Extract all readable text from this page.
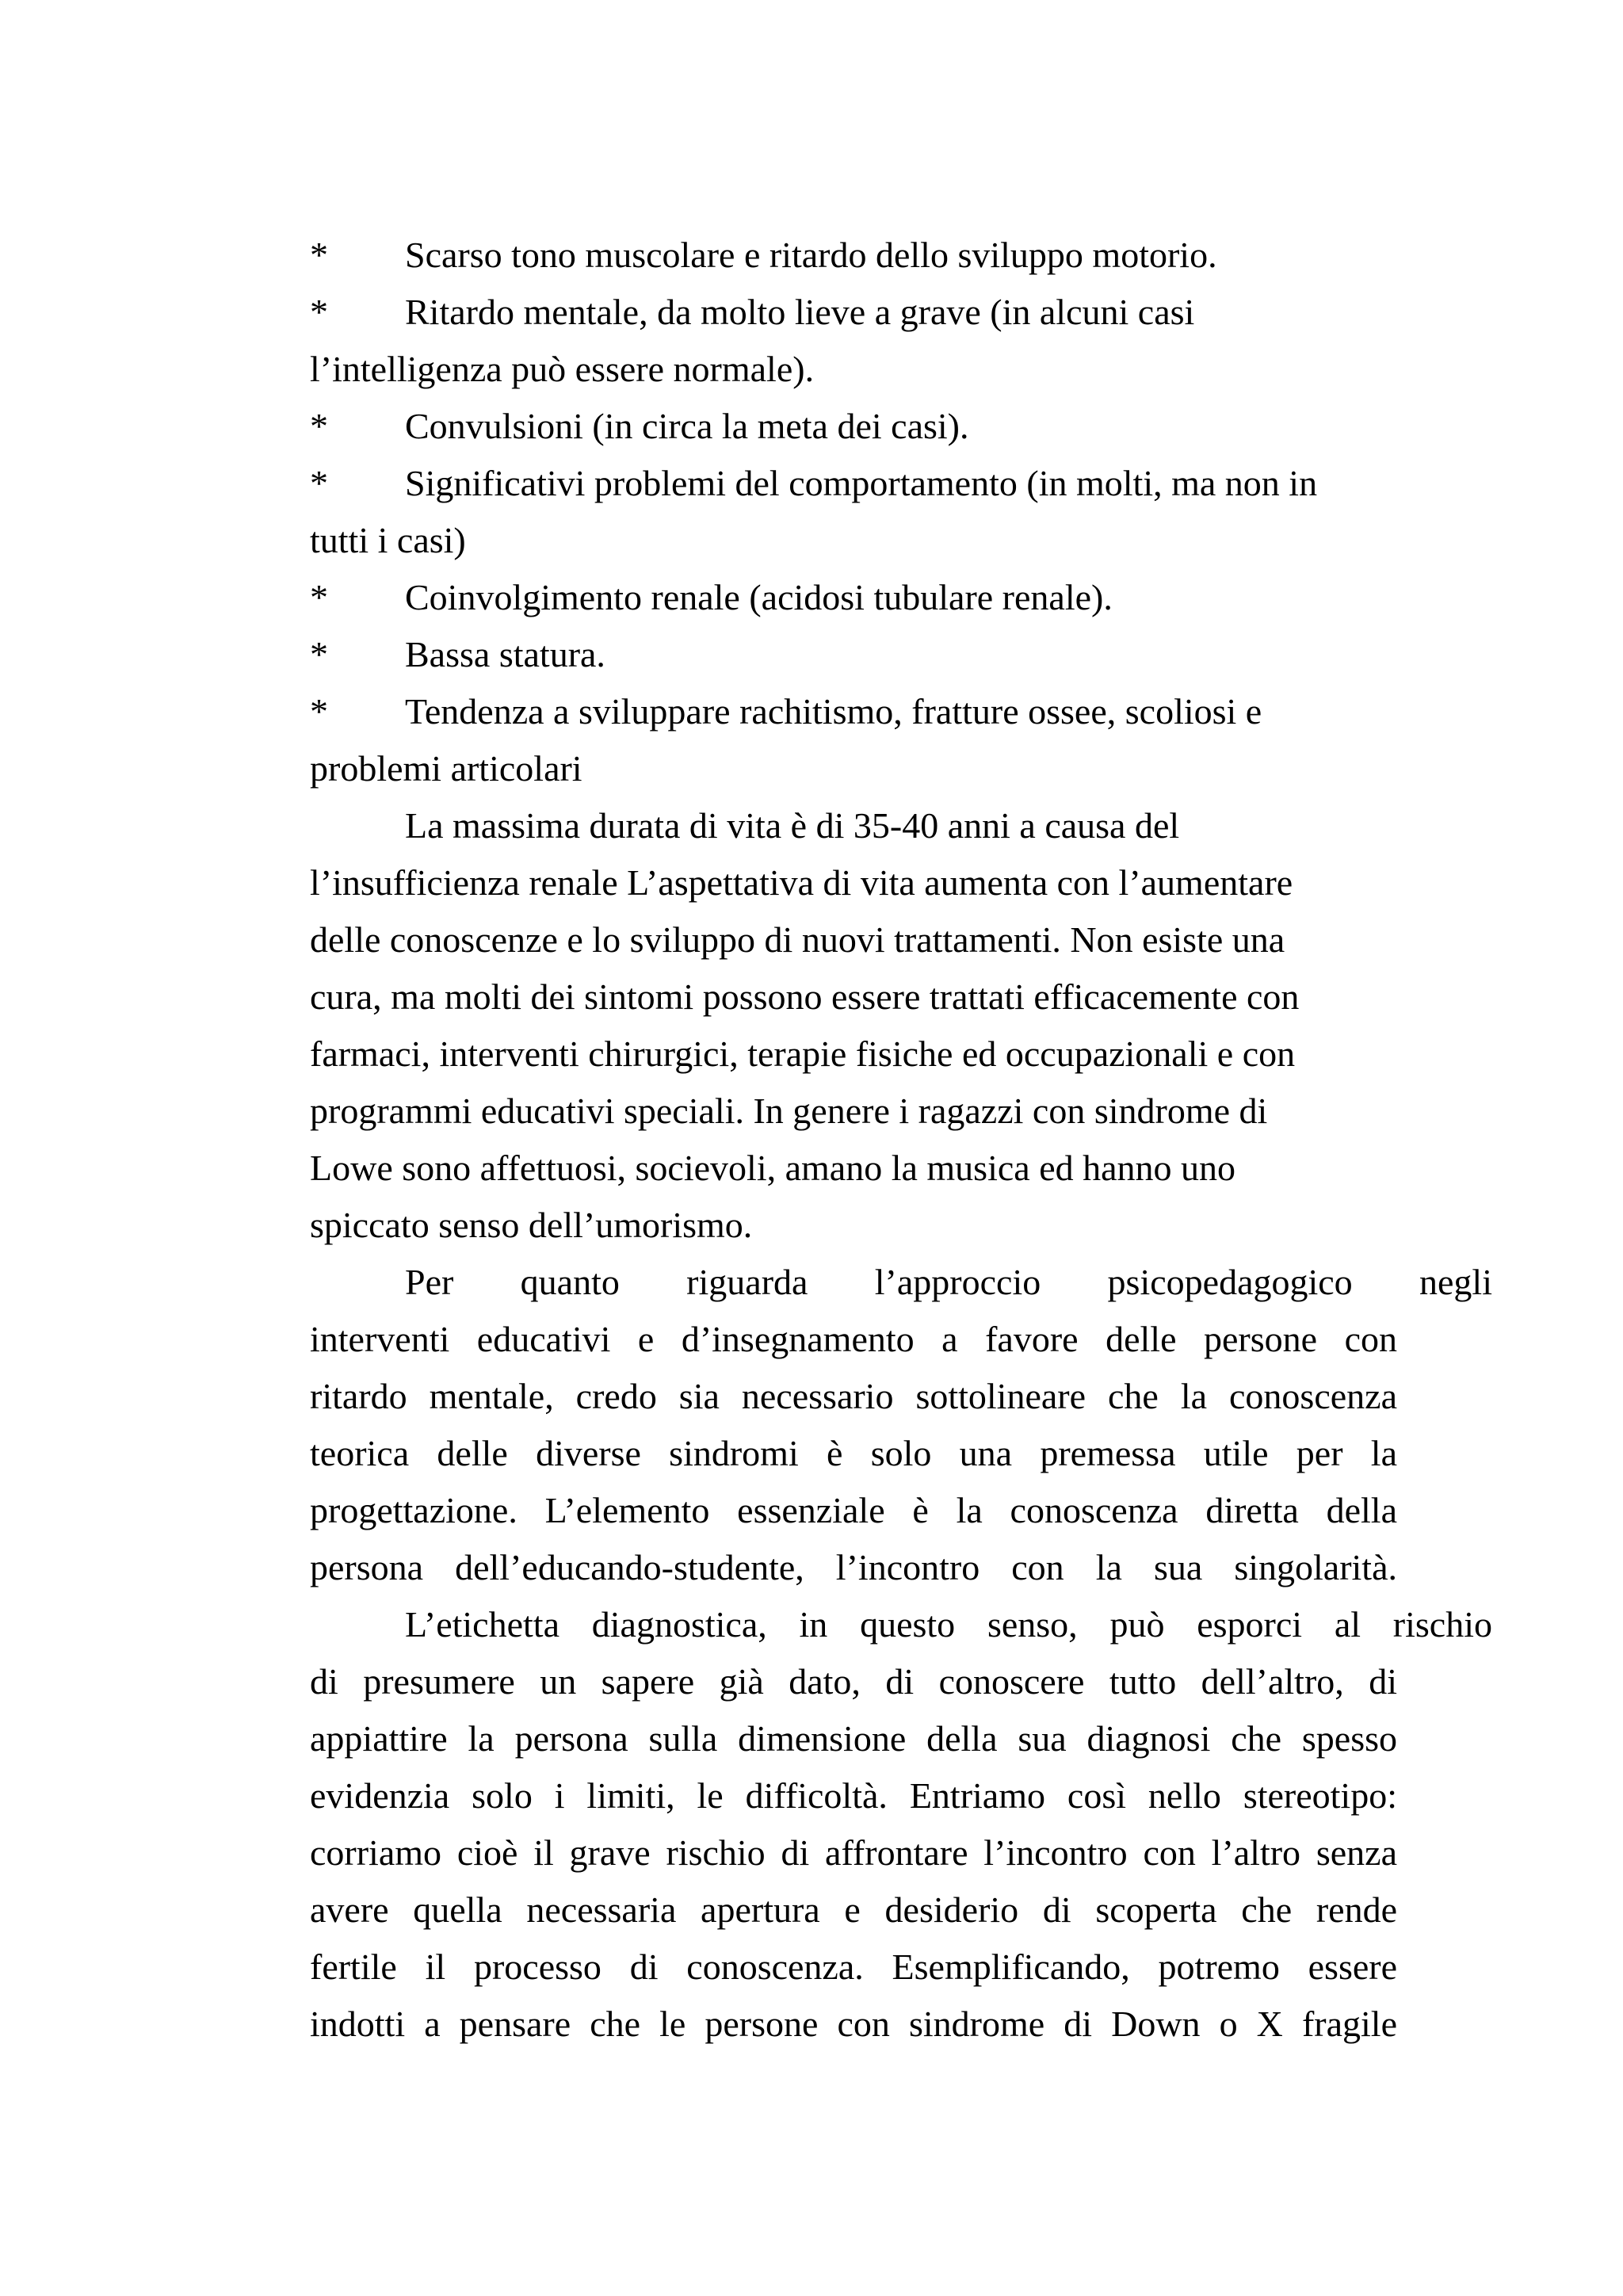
* Scarso tono muscolare e ritardo dello sviluppo motorio.
* Ritardo mentale, da molto lieve a grave (in alcuni casi
l’intelligenza può essere normale).
* Convulsioni (in circa la meta dei casi).
* Significativi problemi del comportamento (in molti, ma non in
tutti i casi)
* Coinvolgimento renale (acidosi tubulare renale).
* Bassa statura.
* Tendenza a sviluppare rachitismo, fratture ossee, scoliosi e
problemi articolari
La massima durata di vita è di 35-40 anni a causa del
l’insufficienza renale L’aspettativa di vita aumenta con l’aumentare
delle conoscenze e lo sviluppo di nuovi trattamenti. Non esiste una
cura, ma molti dei sintomi possono essere trattati efficacemente con
farmaci, interventi chirurgici, terapie fisiche ed occupazionali e con
programmi educativi speciali. In genere i ragazzi con sindrome di
Lowe sono affettuosi, socievoli, amano la musica ed hanno uno
spiccato senso dell’umorismo.
Per quanto riguarda l’approccio psicopedagogico negli
interventi educativi e d’insegnamento a favore delle persone con
ritardo mentale, credo sia necessario sottolineare che la conoscenza
teorica delle diverse sindromi è solo una premessa utile per la
progettazione. L’elemento essenziale è la conoscenza diretta della
persona dell’educando-studente, l’incontro con la sua singolarità.
L’etichetta diagnostica, in questo senso, può esporci al rischio
di presumere un sapere già dato, di conoscere tutto dell’altro, di
appiattire la persona sulla dimensione della sua diagnosi che spesso
evidenzia solo i limiti, le difficoltà. Entriamo così nello stereotipo:
corriamo cioè il grave rischio di affrontare l’incontro con l’altro senza
avere quella necessaria apertura e desiderio di scoperta che rende
fertile il processo di conoscenza. Esemplificando, potremo essere
indotti a pensare che le persone con sindrome di Down o X fragile
